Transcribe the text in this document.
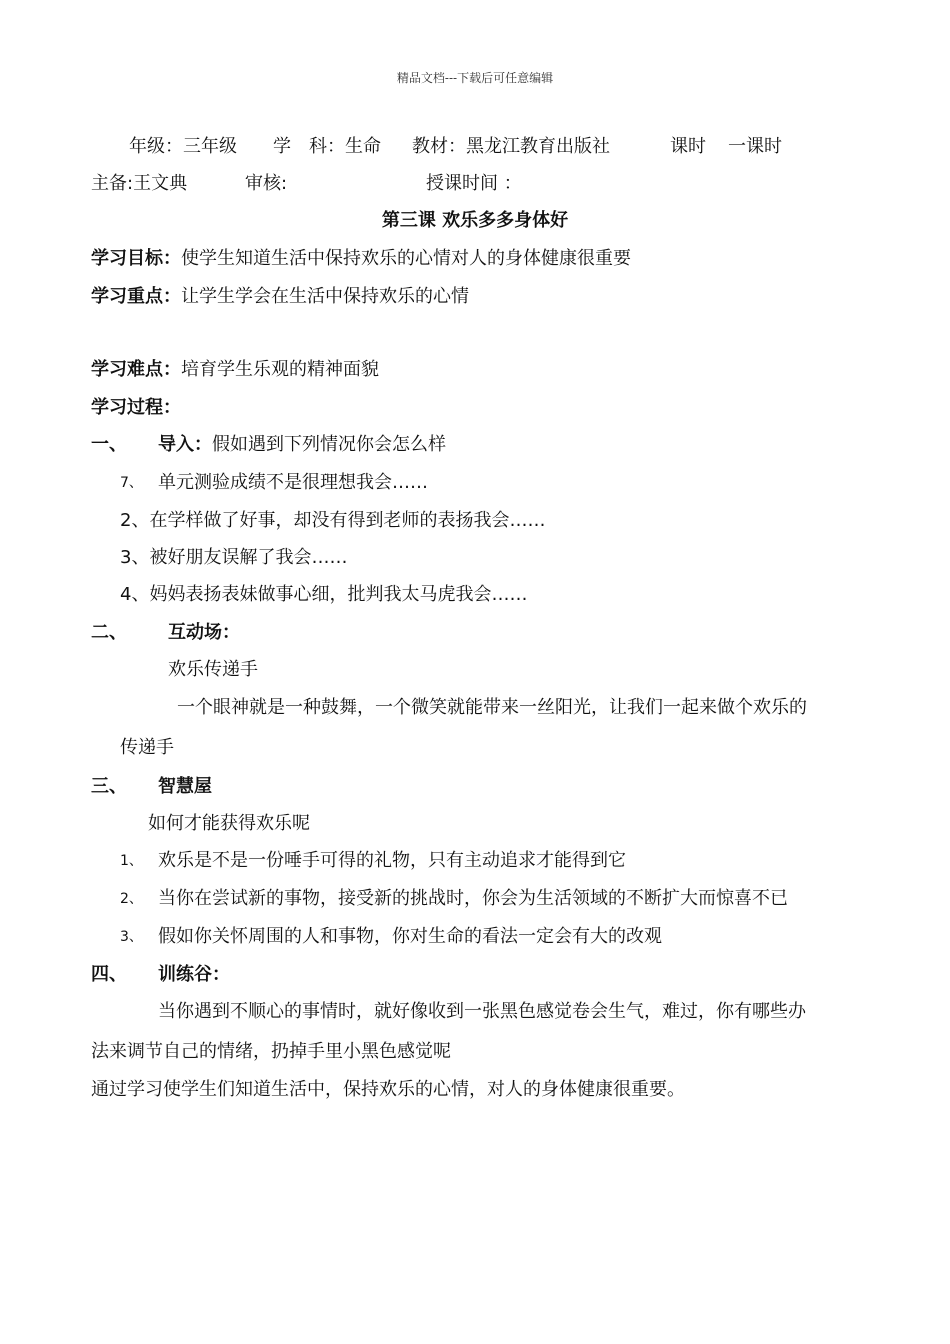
精品文档---下载后可任意编辑
年级：三年级 学　科：生命 教材：黑龙江教育出版社	课时 一课时
主备:王文典	审核:	授课时间 ：
第三课 欢乐多多身体好
学习目标：使学生知道生活中保持欢乐的心情对人的身体健康很重要
学习重点：让学生学会在生活中保持欢乐的心情
学习难点：培育学生乐观的精神面貌
学习过程：
一、 导入：假如遇到下列情况你会怎么样
7、 单元测验成绩不是很理想我会……
2、在学样做了好事，却没有得到老师的表扬我会……
3、被好朋友误解了我会……
4、妈妈表扬表妹做事心细，批判我太马虎我会……
二、 互动场：
欢乐传递手
一个眼神就是一种鼓舞，一个微笑就能带来一丝阳光，让我们一起来做个欢乐的
传递手
三、 智慧屋
如何才能获得欢乐呢
1、 欢乐是不是一份唾手可得的礼物，只有主动追求才能得到它
2、 当你在尝试新的事物，接受新的挑战时，你会为生活领域的不断扩大而惊喜不已
3、 假如你关怀周围的人和事物，你对生命的看法一定会有大的改观
四、 训练谷：
当你遇到不顺心的事情时，就好像收到一张黑色感觉卷会生气，难过，你有哪些办
法来调节自己的情绪，扔掉手里小黑色感觉呢
通过学习使学生们知道生活中，保持欢乐的心情，对人的身体健康很重要。
